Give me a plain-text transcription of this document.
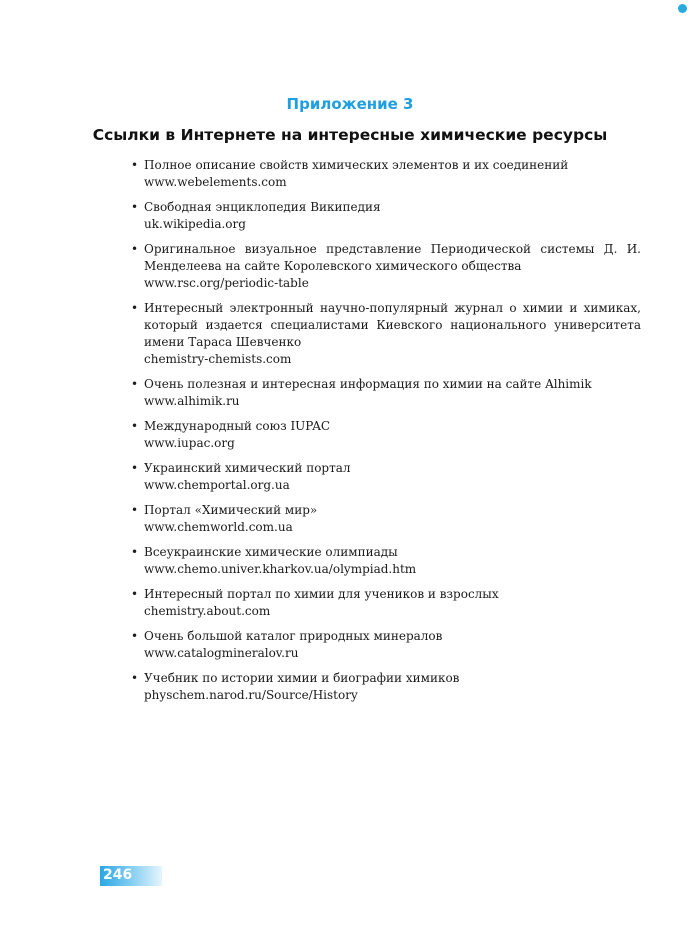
Приложение 3
Ссылки в Интернете на интересные химические ресурсы
• Полное описание свойств химических элементов и их соединений
www.webelements.com
• Свободная энциклопедия Википедия
uk.wikipedia.org
• Оригинальное визуальное представление Периодической системы Д. И. Менделеева на сайте Королевского химического общества
www.rsc.org/periodic-table
• Интересный электронный научно-популярный журнал о химии и химиках, который издается специалистами Киевского национального университета имени Тараса Шевченко
chemistry-chemists.com
• Очень полезная и интересная информация по химии на сайте Alhimik
www.alhimik.ru
• Международный союз IUPAC
www.iupac.org
• Украинский химический портал
www.chemportal.org.ua
• Портал «Химический мир»
www.chemworld.com.ua
• Всеукраинские химические олимпиады
www.chemo.univer.kharkov.ua/olympiad.htm
• Интересный портал по химии для учеников и взрослых
chemistry.about.com
• Очень большой каталог природных минералов
www.catalogmineralov.ru
• Учебник по истории химии и биографии химиков
physchem.narod.ru/Source/History
246
